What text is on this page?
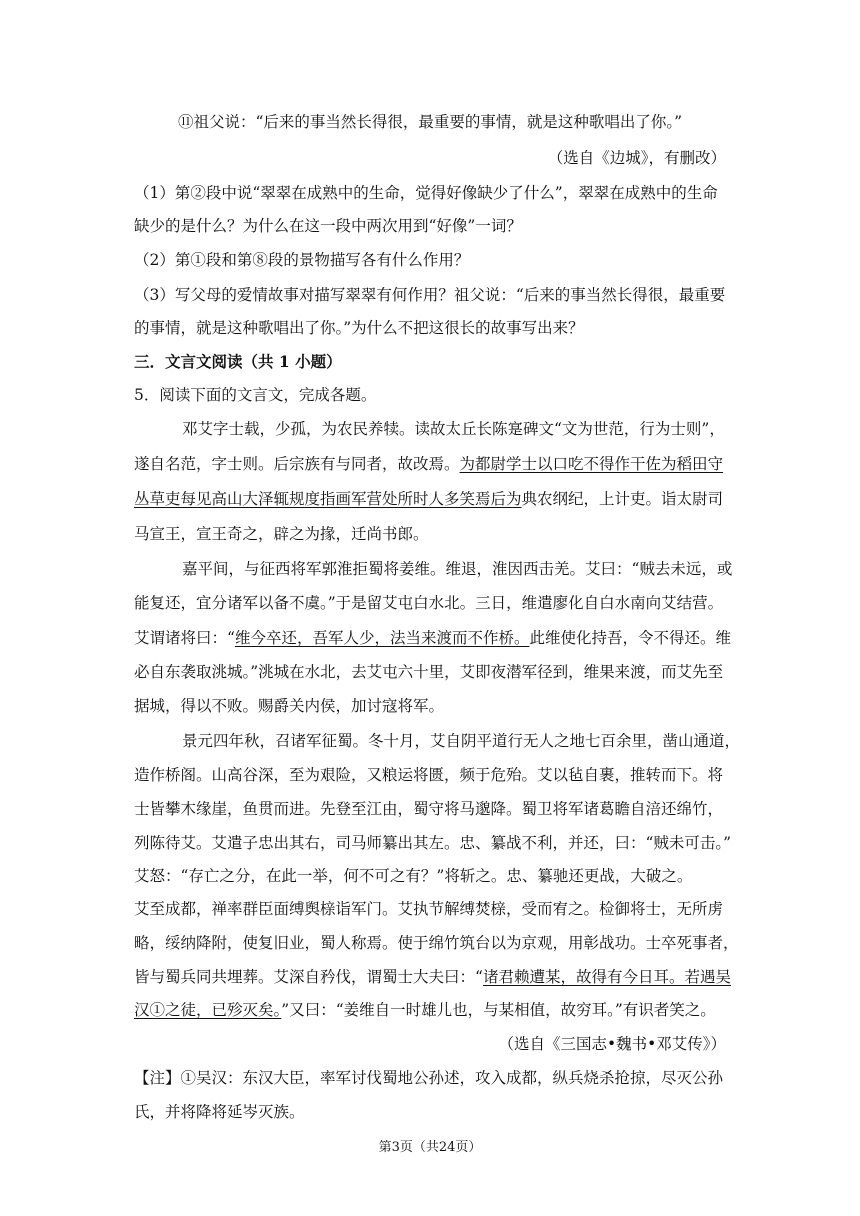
⑪祖父说：“后来的事当然长得很，最重要的事情，就是这种歌唱出了你。”
（选自《边城》，有删改）
（1）第②段中说“翠翠在成熟中的生命，觉得好像缺少了什么”，翠翠在成熟中的生命
缺少的是什么？为什么在这一段中两次用到“好像”一词？
（2）第①段和第⑧段的景物描写各有什么作用？
（3）写父母的爱情故事对描写翠翠有何作用？祖父说：“后来的事当然长得很，最重要
的事情，就是这种歌唱出了你。”为什么不把这很长的故事写出来？
三．文言文阅读（共 1 小题）
5．阅读下面的文言文，完成各题。
邓艾字士载，少孤，为农民养犊。读故太丘长陈寔碑文“文为世范，行为士则”，
遂自名范，字士则。后宗族有与同者，故改焉。为都尉学士以口吃不得作干佐为稻田守
丛草吏每见高山大泽辄规度指画军营处所时人多笑焉后为典农纲纪，上计吏。诣太尉司
马宣王，宣王奇之，辟之为掾，迁尚书郎。
嘉平间，与征西将军郭淮拒蜀将姜维。维退，淮因西击羌。艾曰：“贼去未远，或
能复还，宜分诸军以备不虞。”于是留艾屯白水北。三日，维遣廖化自白水南向艾结营。
艾谓诸将曰：“维今卒还，吾军人少，法当来渡而不作桥。此维使化持吾，令不得还。维
必自东袭取洮城。”洮城在水北，去艾屯六十里，艾即夜潜军径到，维果来渡，而艾先至
据城，得以不败。赐爵关内侯，加讨寇将军。
景元四年秋，召诸军征蜀。冬十月，艾自阴平道行无人之地七百余里，凿山通道，
造作桥阁。山高谷深，至为艰险，又粮运将匮，频于危殆。艾以毡自裹，推转而下。将
士皆攀木缘崖，鱼贯而进。先登至江由，蜀守将马邈降。蜀卫将军诸葛瞻自涪还绵竹，
列陈待艾。艾遣子忠出其右，司马师纂出其左。忠、纂战不利，并还，曰：“贼未可击。”
艾怒：“存亡之分，在此一举，何不可之有？”将斩之。忠、纂驰还更战，大破之。
艾至成都，禅率群臣面缚舆榇诣军门。艾执节解缚焚榇，受而宥之。检御将士，无所虏
略，绥纳降附，使复旧业，蜀人称焉。使于绵竹筑台以为京观，用彰战功。士卒死事者，
皆与蜀兵同共埋葬。艾深自矜伐，谓蜀士大夫曰：“诸君赖遭某，故得有今日耳。若遇吴
汉①之徒，已殄灭矣。”又曰：“姜维自一时雄儿也，与某相值，故穷耳。”有识者笑之。
（选自《三国志•魏书•邓艾传》）
【注】①吴汉：东汉大臣，率军讨伐蜀地公孙述，攻入成都，纵兵烧杀抢掠，尽灭公孙
氏，并将降将延岑灭族。
第3页（共24页）
